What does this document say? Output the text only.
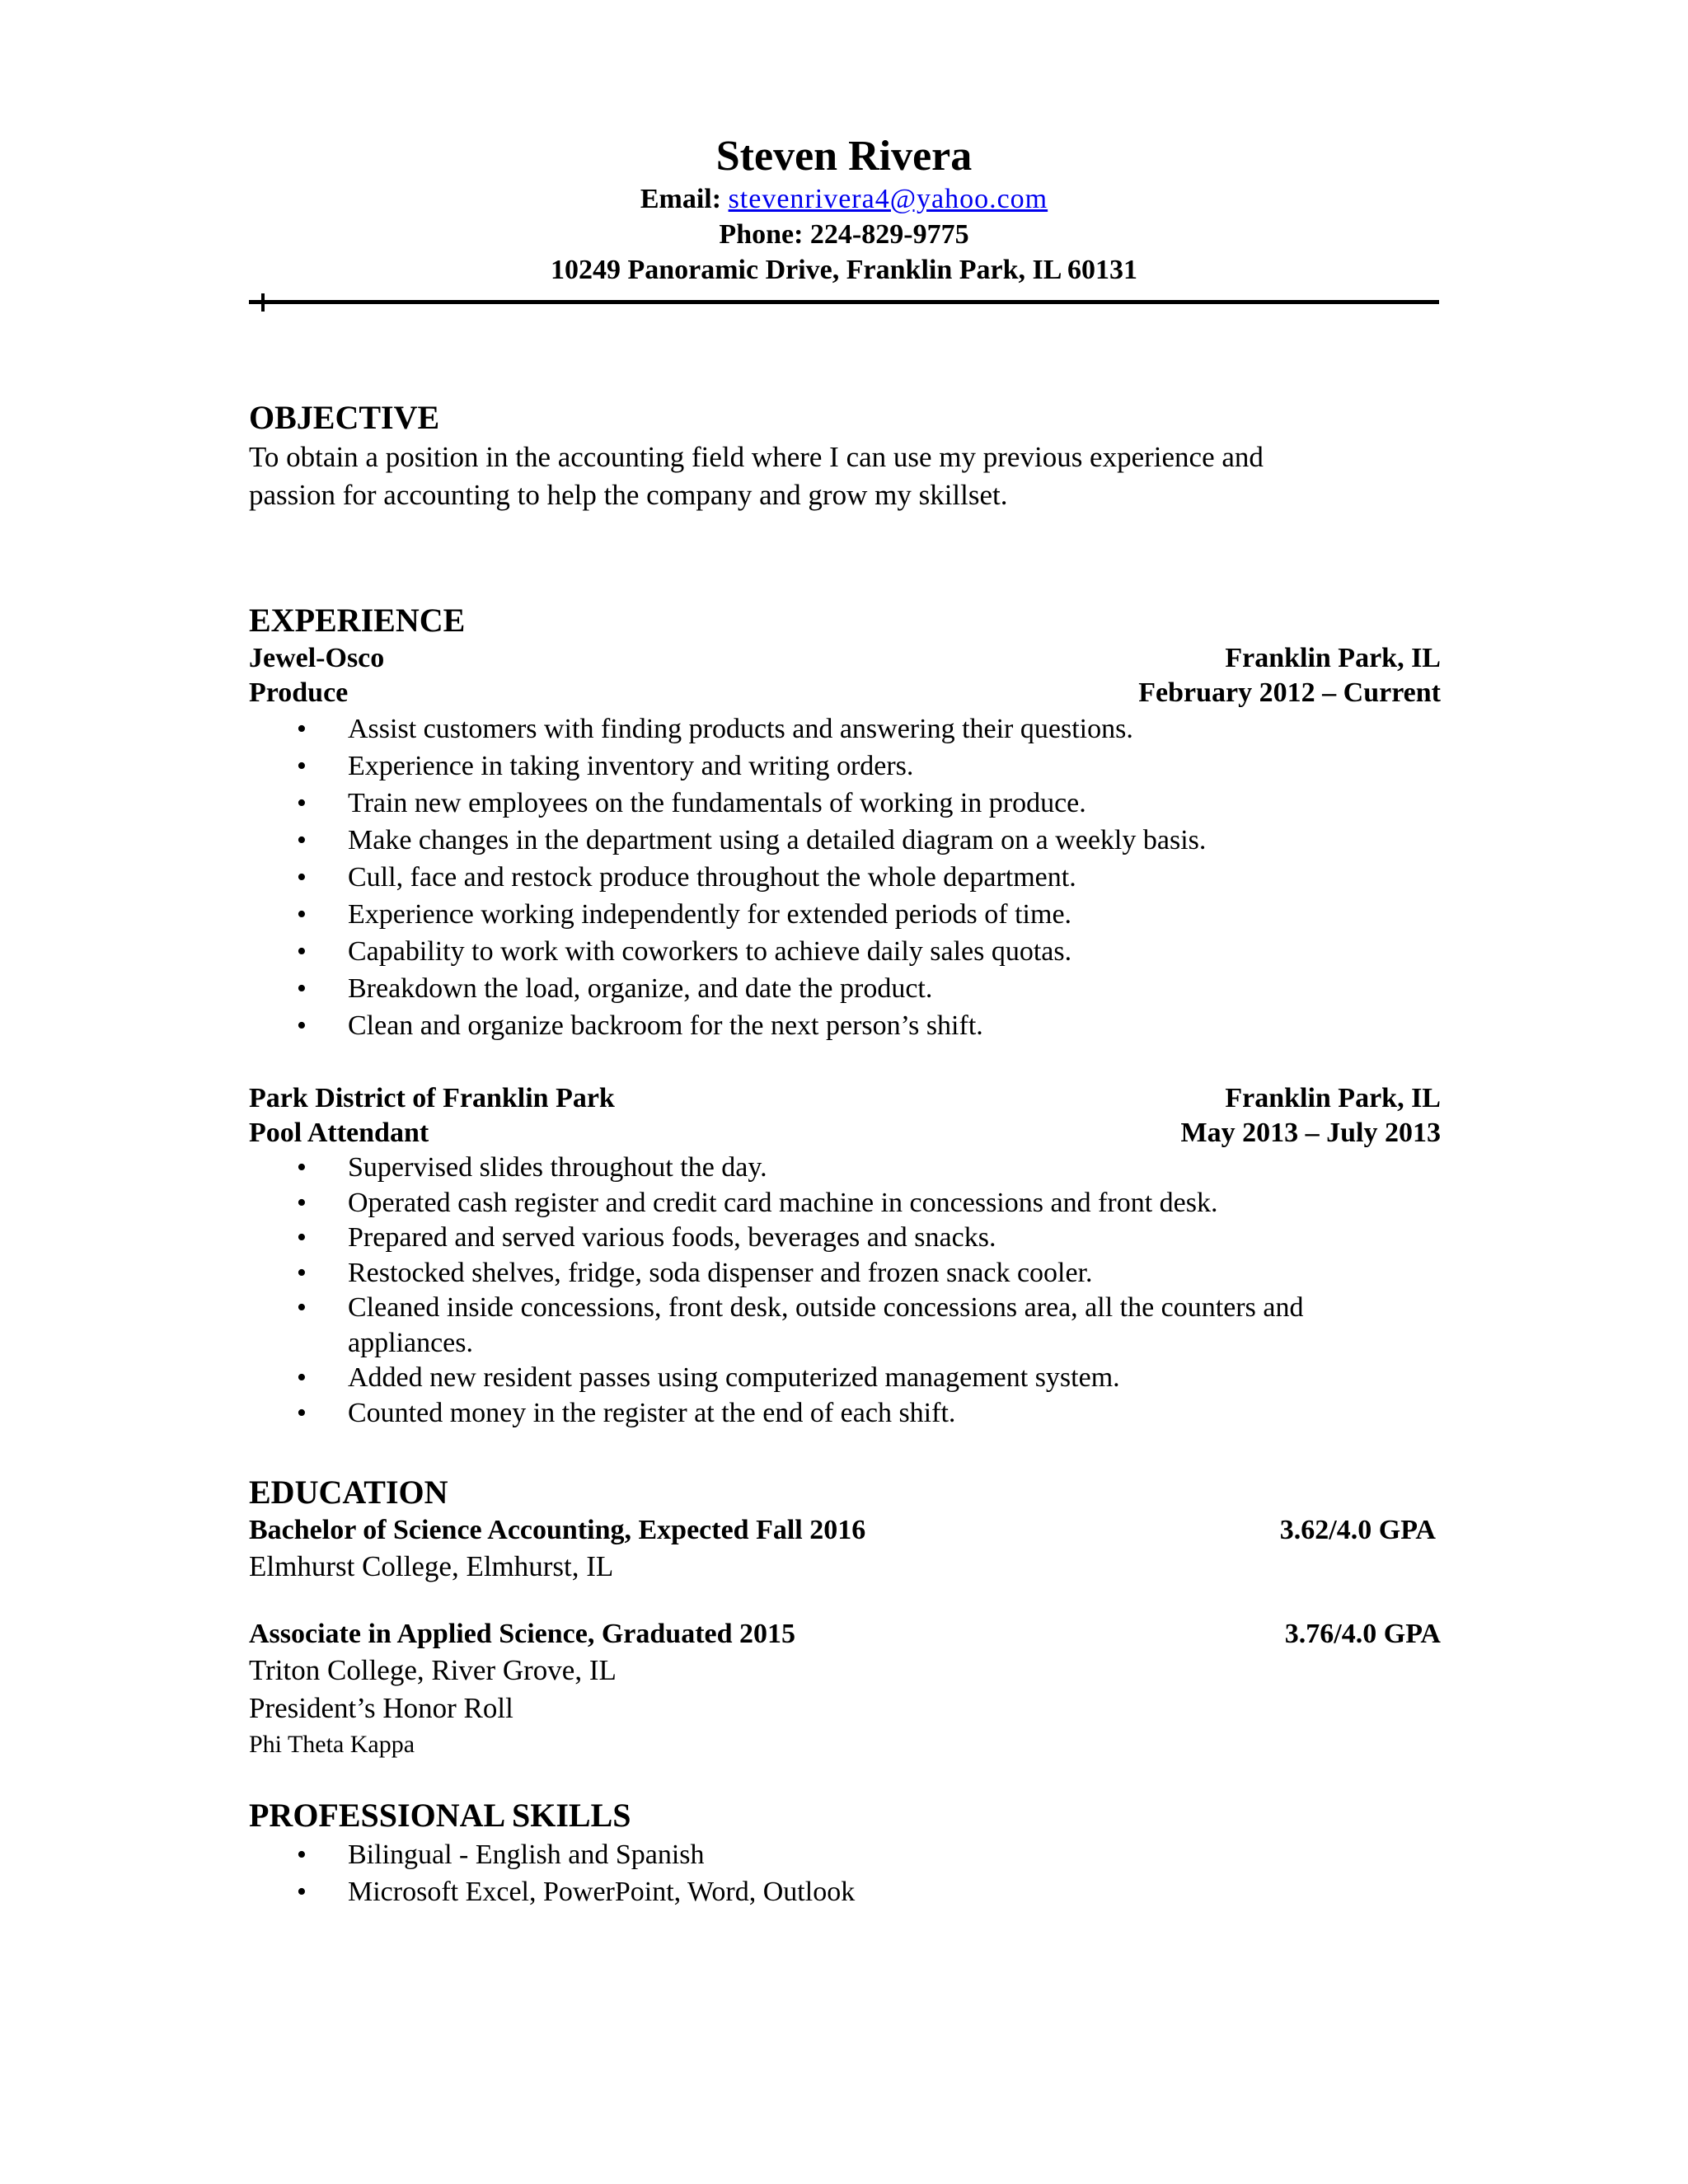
Steven Rivera
Email: stevenrivera4@yahoo.com
Phone: 224-829-9775
10249 Panoramic Drive, Franklin Park, IL 60131
OBJECTIVE
To obtain a position in the accounting field where I can use my previous experience and
passion for accounting to help the company and grow my skillset.
EXPERIENCE
Jewel-Osco	Franklin Park, IL
Produce	February 2012 – Current
• Assist customers with finding products and answering their questions.
• Experience in taking inventory and writing orders.
• Train new employees on the fundamentals of working in produce.
• Make changes in the department using a detailed diagram on a weekly basis.
• Cull, face and restock produce throughout the whole department.
• Experience working independently for extended periods of time.
• Capability to work with coworkers to achieve daily sales quotas.
• Breakdown the load, organize, and date the product.
• Clean and organize backroom for the next person’s shift.
Park District of Franklin Park	Franklin Park, IL
Pool Attendant	May 2013 – July 2013
• Supervised slides throughout the day.
• Operated cash register and credit card machine in concessions and front desk.
• Prepared and served various foods, beverages and snacks.
• Restocked shelves, fridge, soda dispenser and frozen snack cooler.
• Cleaned inside concessions, front desk, outside concessions area, all the counters and
appliances.
• Added new resident passes using computerized management system.
• Counted money in the register at the end of each shift.
EDUCATION
Bachelor of Science Accounting, Expected Fall 2016	3.62/4.0 GPA
Elmhurst College, Elmhurst, IL
Associate in Applied Science, Graduated 2015	3.76/4.0 GPA
Triton College, River Grove, IL
President’s Honor Roll
Phi Theta Kappa
PROFESSIONAL SKILLS
• Bilingual - English and Spanish
• Microsoft Excel, PowerPoint, Word, Outlook
